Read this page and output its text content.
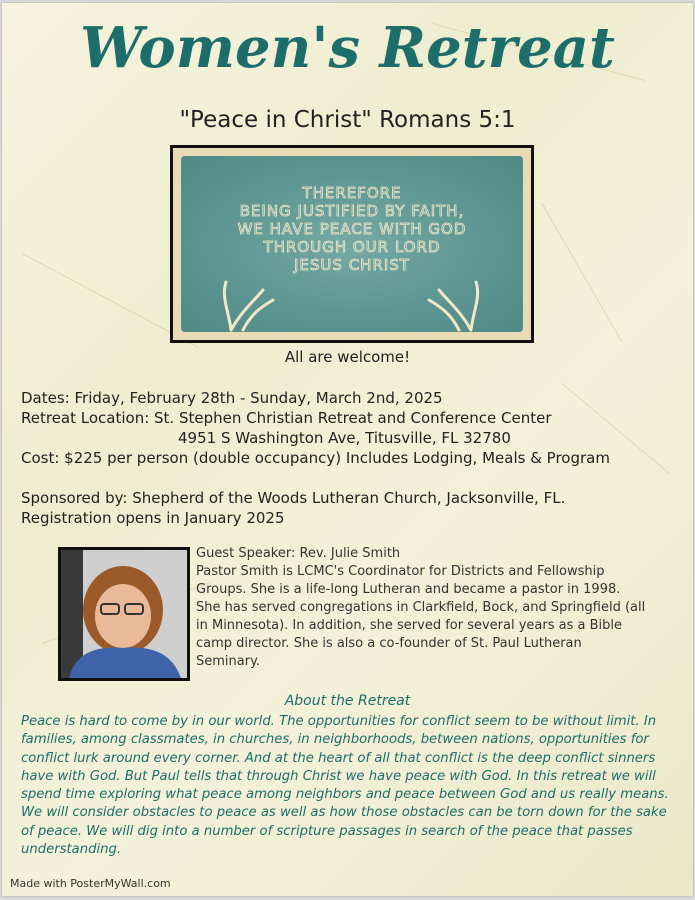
Women's Retreat
"Peace in Christ" Romans 5:1
THEREFORE
BEING JUSTIFIED BY FAITH,
WE HAVE PEACE WITH GOD
THROUGH OUR LORD
JESUS CHRIST
All are welcome!
Dates: Friday, February 28th - Sunday, March 2nd, 2025
Retreat Location: St. Stephen Christian Retreat and Conference Center
4951 S Washington Ave, Titusville, FL 32780
Cost: $225 per person (double occupancy) Includes Lodging, Meals & Program
Sponsored by: Shepherd of the Woods Lutheran Church, Jacksonville, FL.
Registration opens in January 2025
Guest Speaker: Rev. Julie Smith
Pastor Smith is LCMC's Coordinator for Districts and Fellowship Groups. She is a life-long Lutheran and became a pastor in 1998. She has served congregations in Clarkfield, Bock, and Springfield (all in Minnesota). In addition, she served for several years as a Bible camp director. She is also a co-founder of St. Paul Lutheran Seminary.
About the Retreat
Peace is hard to come by in our world. The opportunities for conflict seem to be without limit. In families, among classmates, in churches, in neighborhoods, between nations, opportunities for conflict lurk around every corner. And at the heart of all that conflict is the deep conflict sinners have with God. But Paul tells that through Christ we have peace with God. In this retreat we will spend time exploring what peace among neighbors and peace between God and us really means. We will consider obstacles to peace as well as how those obstacles can be torn down for the sake of peace. We will dig into a number of scripture passages in search of the peace that passes understanding.
Made with PosterMyWall.com
